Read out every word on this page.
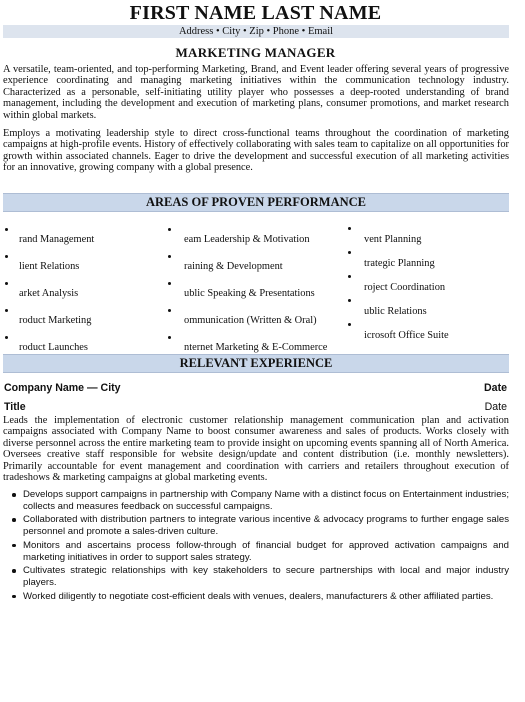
FIRST NAME LAST NAME
Address • City • Zip • Phone • Email
MARKETING MANAGER

A versatile, team-oriented, and top-performing Marketing, Brand, and Event leader offering several years of progressive experience coordinating and managing marketing initiatives within the communication technology industry. Characterized as a personable, self-initiating utility player who possesses a deep-rooted understanding of brand management, including the development and execution of marketing plans, consumer promotions, and market research within global markets.

Employs a motivating leadership style to direct cross-functional teams throughout the coordination of marketing campaigns at high-profile events. History of effectively collaborating with sales team to capitalize on all opportunities for growth within associated channels. Eager to drive the development and successful execution of all marketing activities for an innovative, growing company with a global presence.

AREAS OF PROVEN PERFORMANCE
rand Management
lient Relations
arket Analysis
roduct Marketing
roduct Launches
eam Leadership & Motivation
raining & Development
ublic Speaking & Presentations
ommunication (Written & Oral)
nternet Marketing & E-Commerce
vent Planning
trategic Planning
roject Coordination
ublic Relations
icrosoft Office Suite
RELEVANT EXPERIENCE
Company Name — City	Date
Title	Date

Leads the implementation of electronic customer relationship management communication plan and activation campaigns associated with Company Name to boost consumer awareness and sales of products. Works closely with diverse personnel across the entire marketing team to provide insight on upcoming events spanning all of North America. Oversees creative staff responsible for website design/update and content distribution (i.e. monthly newsletters). Primarily accountable for event management and coordination with carriers and retailers throughout execution of tradeshows & marketing campaigns at global marketing events.

Develops support campaigns in partnership with Company Name with a distinct focus on Entertainment industries; collects and measures feedback on successful campaigns.
Collaborated with distribution partners to integrate various incentive & advocacy programs to further engage sales personnel and promote a sales-driven culture.
Monitors and ascertains process follow-through of financial budget for approved activation campaigns and marketing initiatives in order to support sales strategy.
Cultivates strategic relationships with key stakeholders to secure partnerships with local and major industry players.
Worked diligently to negotiate cost-efficient deals with venues, dealers, manufacturers & other affiliated parties.
